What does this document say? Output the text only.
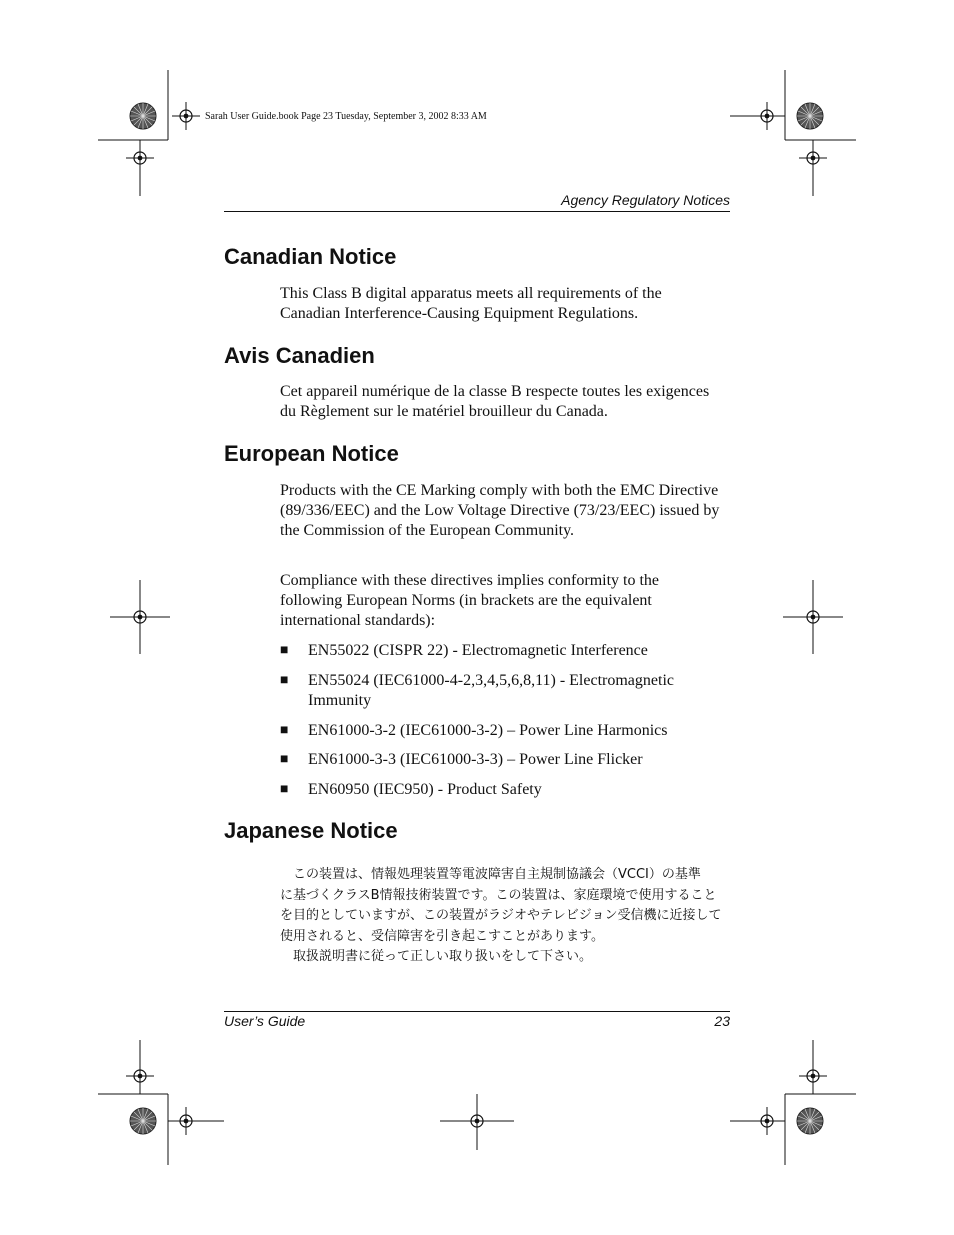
Sarah User Guide.book Page 23 Tuesday, September 3, 2002 8:33 AM
Agency Regulatory Notices
Canadian Notice

This Class B digital apparatus meets all requirements of the Canadian Interference-Causing Equipment Regulations.

Avis Canadien

Cet appareil numérique de la classe B respecte toutes les exigences du Règlement sur le matériel brouilleur du Canada.

European Notice

Products with the CE Marking comply with both the EMC Directive (89/336/EEC) and the Low Voltage Directive (73/23/EEC) issued by the Commission of the European Community.

Compliance with these directives implies conformity to the following European Norms (in brackets are the equivalent international standards):

■ EN55022 (CISPR 22) - Electromagnetic Interference
■ EN55024 (IEC61000-4-2,3,4,5,6,8,11) - Electromagnetic Immunity
■ EN61000-3-2 (IEC61000-3-2) – Power Line Harmonics
■ EN61000-3-3 (IEC61000-3-3) – Power Line Flicker
■ EN60950 (IEC950) - Product Safety
Japanese Notice
　この装置は、情報処理装置等電波障害自主規制協議会（VCCI）の基準
に基づくクラスB情報技術装置です。この装置は、家庭環境で使用すること
を目的としていますが、この装置がラジオやテレビジョン受信機に近接して
使用されると、受信障害を引き起こすことがあります。
　取扱説明書に従って正しい取り扱いをして下さい。
User’s Guide	23
